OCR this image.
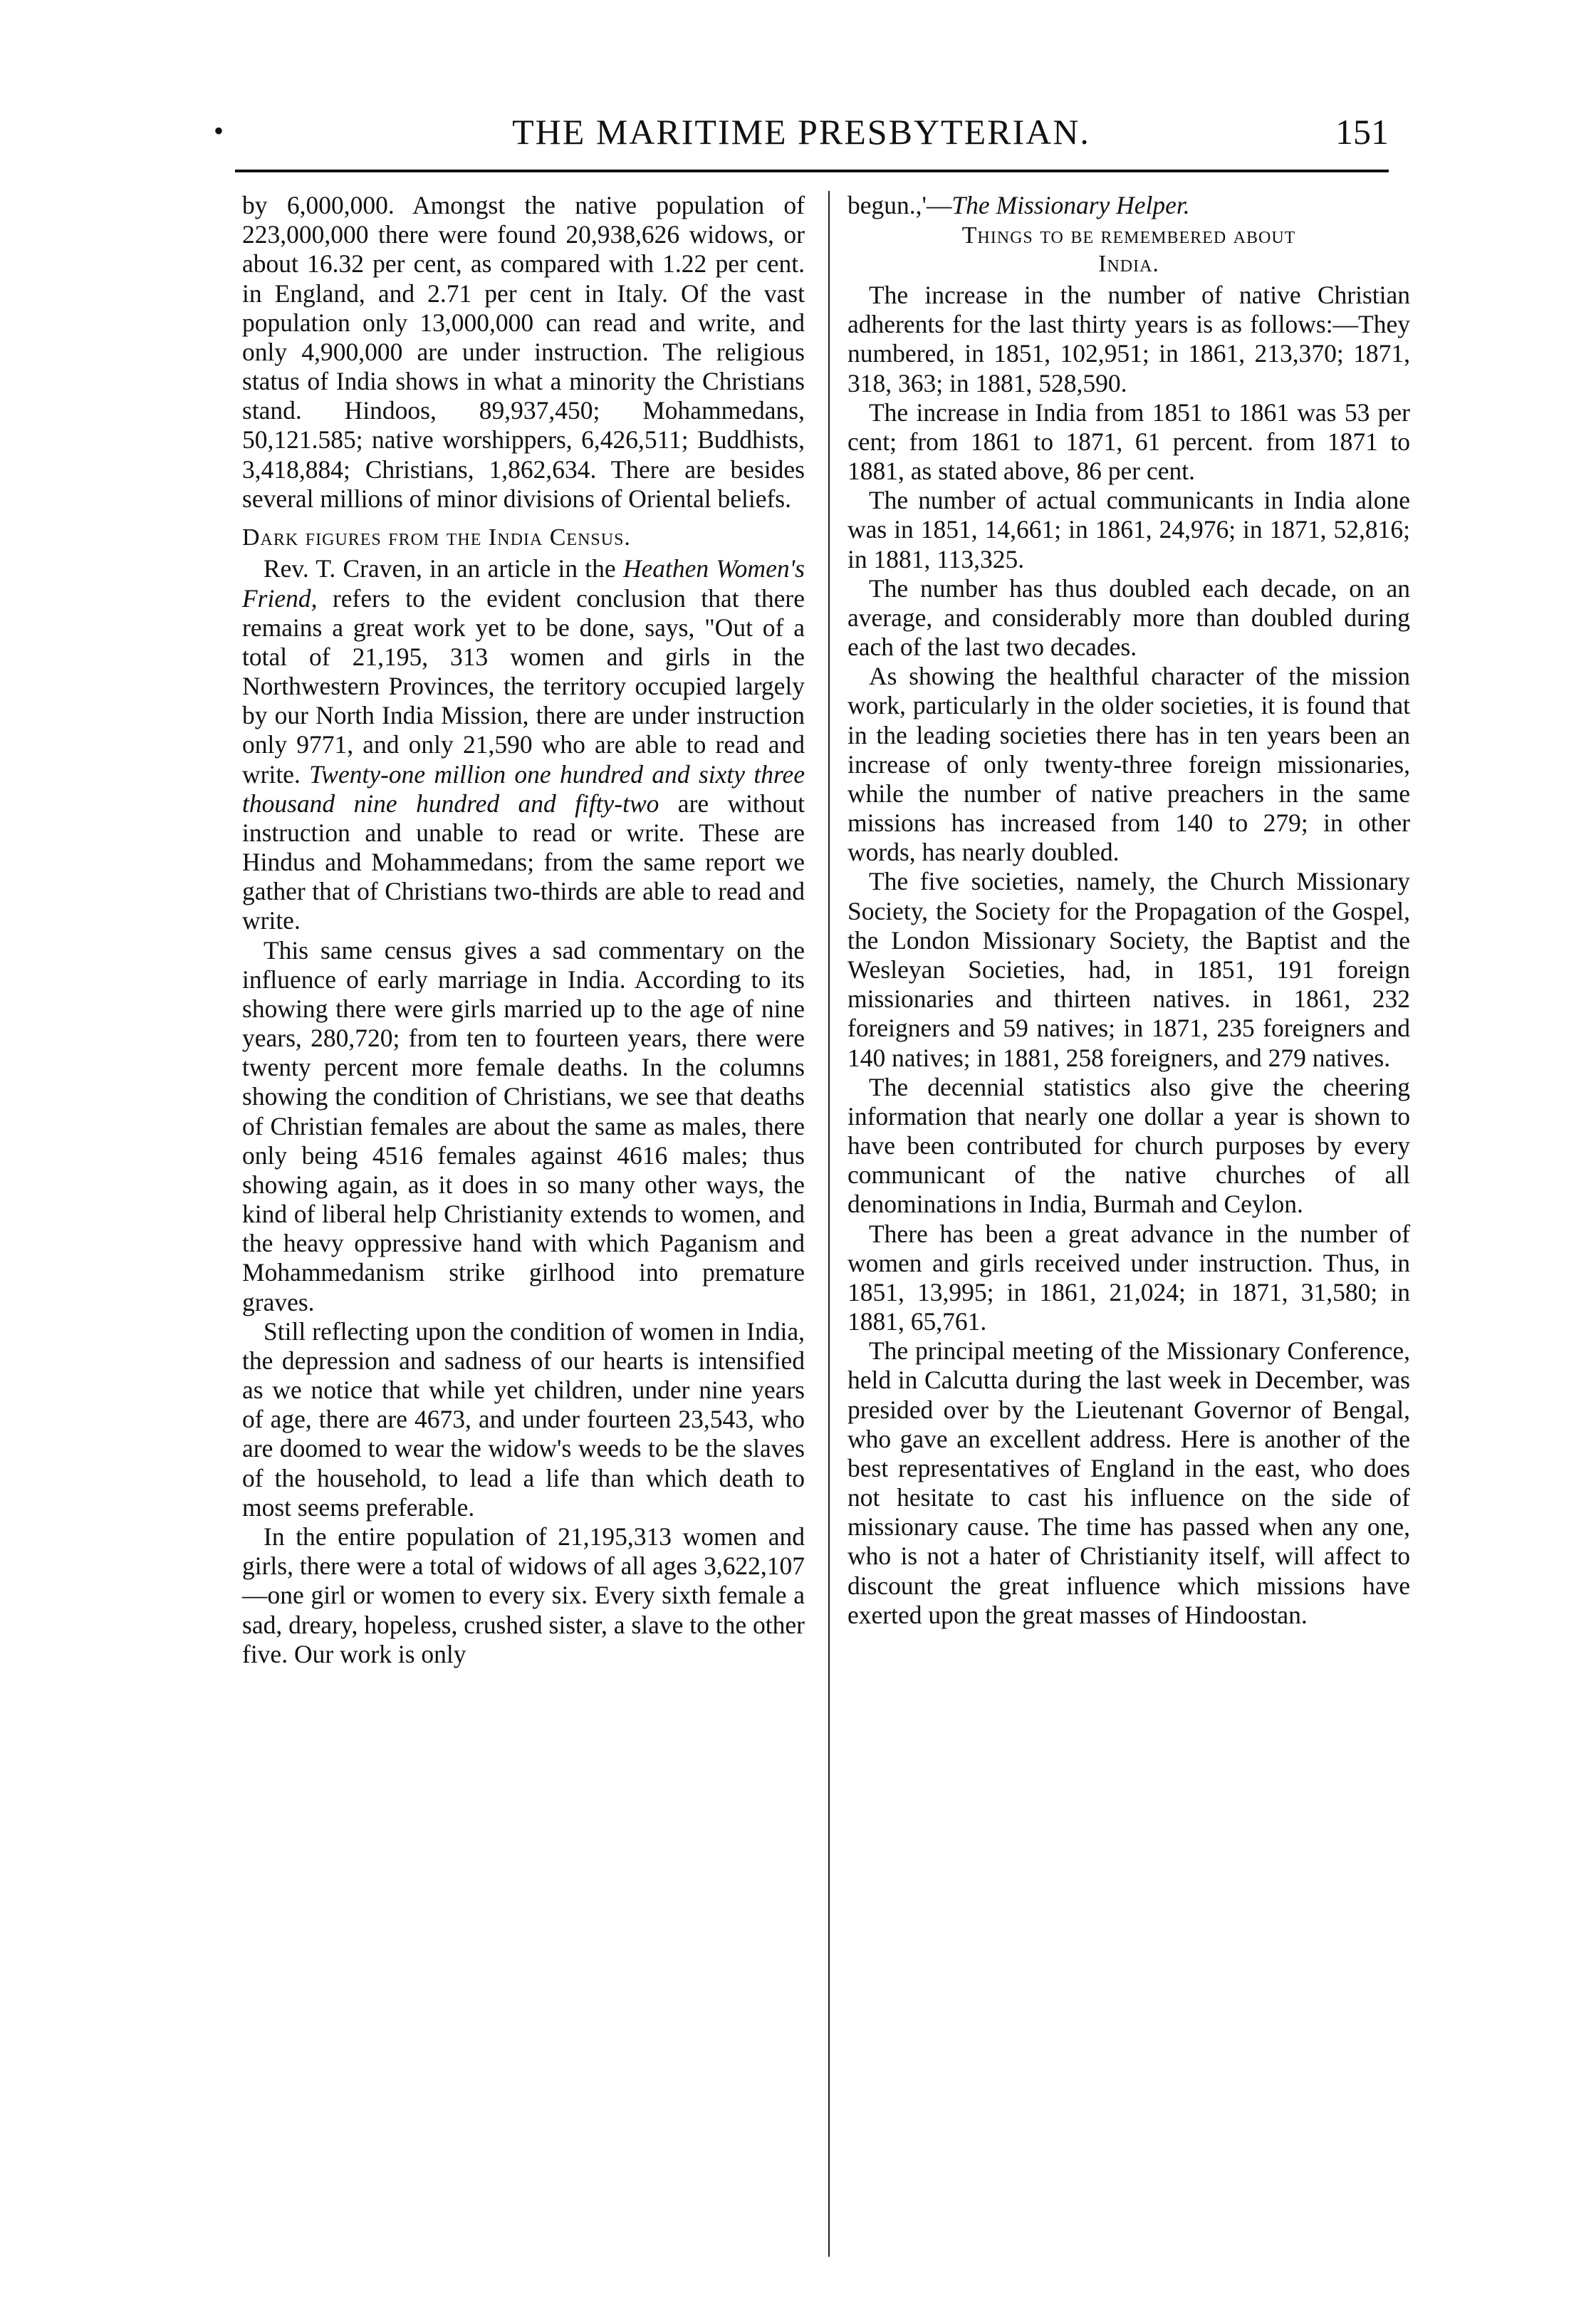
•	THE MARITIME PRESBYTERIAN.	151

by 6,000,000. Amongst the native population of 223,000,000 there were found 20,938,626 widows, or about 16.32 per cent, as compared with 1.22 per cent. in England, and 2.71 per cent in Italy. Of the vast population only 13,000,000 can read and write, and only 4,900,000 are under instruction. The religious status of India shows in what a minority the Christians stand. Hindoos, 89,937,450; Mohammedans, 50,121.585; native worshippers, 6,426,511; Buddhists, 3,418,884; Christians, 1,862,634. There are besides several millions of minor divisions of Oriental beliefs.

Dark figures from the India Census.

Rev. T. Craven, in an article in the Heathen Women's Friend, refers to the evident conclusion that there remains a great work yet to be done, says, "Out of a total of 21,195, 313 women and girls in the Northwestern Provinces, the territory occupied largely by our North India Mission, there are under instruction only 9771, and only 21,590 who are able to read and write. Twenty-one million one hundred and sixty three thousand nine hundred and fifty-two are without instruction and unable to read or write. These are Hindus and Mohammedans; from the same report we gather that of Christians two-thirds are able to read and write.

This same census gives a sad commentary on the influence of early marriage in India. According to its showing there were girls married up to the age of nine years, 280,720; from ten to fourteen years, there were twenty percent more female deaths. In the columns showing the condition of Christians, we see that deaths of Christian females are about the same as males, there only being 4516 females against 4616 males; thus showing again, as it does in so many other ways, the kind of liberal help Christianity extends to women, and the heavy oppressive hand with which Paganism and Mohammedanism strike girlhood into premature graves.

Still reflecting upon the condition of women in India, the depression and sadness of our hearts is intensified as we notice that while yet children, under nine years of age, there are 4673, and under fourteen 23,543, who are doomed to wear the widow's weeds to be the slaves of the household, to lead a life than which death to most seems preferable.

In the entire population of 21,195,313 women and girls, there were a total of widows of all ages 3,622,107—one girl or women to every six. Every sixth female a sad, dreary, hopeless, crushed sister, a slave to the other five. Our work is only

begun.,'—The Missionary Helper.

Things to be remembered about
India.

The increase in the number of native Christian adherents for the last thirty years is as follows:—They numbered, in 1851, 102,951; in 1861, 213,370; 1871, 318, 363; in 1881, 528,590.

The increase in India from 1851 to 1861 was 53 per cent; from 1861 to 1871, 61 percent. from 1871 to 1881, as stated above, 86 per cent.

The number of actual communicants in India alone was in 1851, 14,661; in 1861, 24,976; in 1871, 52,816; in 1881, 113,325.

The number has thus doubled each decade, on an average, and considerably more than doubled during each of the last two decades.

As showing the healthful character of the mission work, particularly in the older societies, it is found that in the leading societies there has in ten years been an increase of only twenty-three foreign missionaries, while the number of native preachers in the same missions has increased from 140 to 279; in other words, has nearly doubled.

The five societies, namely, the Church Missionary Society, the Society for the Propagation of the Gospel, the London Missionary Society, the Baptist and the Wesleyan Societies, had, in 1851, 191 foreign missionaries and thirteen natives. in 1861, 232 foreigners and 59 natives; in 1871, 235 foreigners and 140 natives; in 1881, 258 foreigners, and 279 natives.

The decennial statistics also give the cheering information that nearly one dollar a year is shown to have been contributed for church purposes by every communicant of the native churches of all denominations in India, Burmah and Ceylon.

There has been a great advance in the number of women and girls received under instruction. Thus, in 1851, 13,995; in 1861, 21,024; in 1871, 31,580; in 1881, 65,761.

The principal meeting of the Missionary Conference, held in Calcutta during the last week in December, was presided over by the Lieutenant Governor of Bengal, who gave an excellent address. Here is another of the best representatives of England in the east, who does not hesitate to cast his influence on the side of missionary cause. The time has passed when any one, who is not a hater of Christianity itself, will affect to discount the great influence which missions have exerted upon the great masses of Hindoostan.
